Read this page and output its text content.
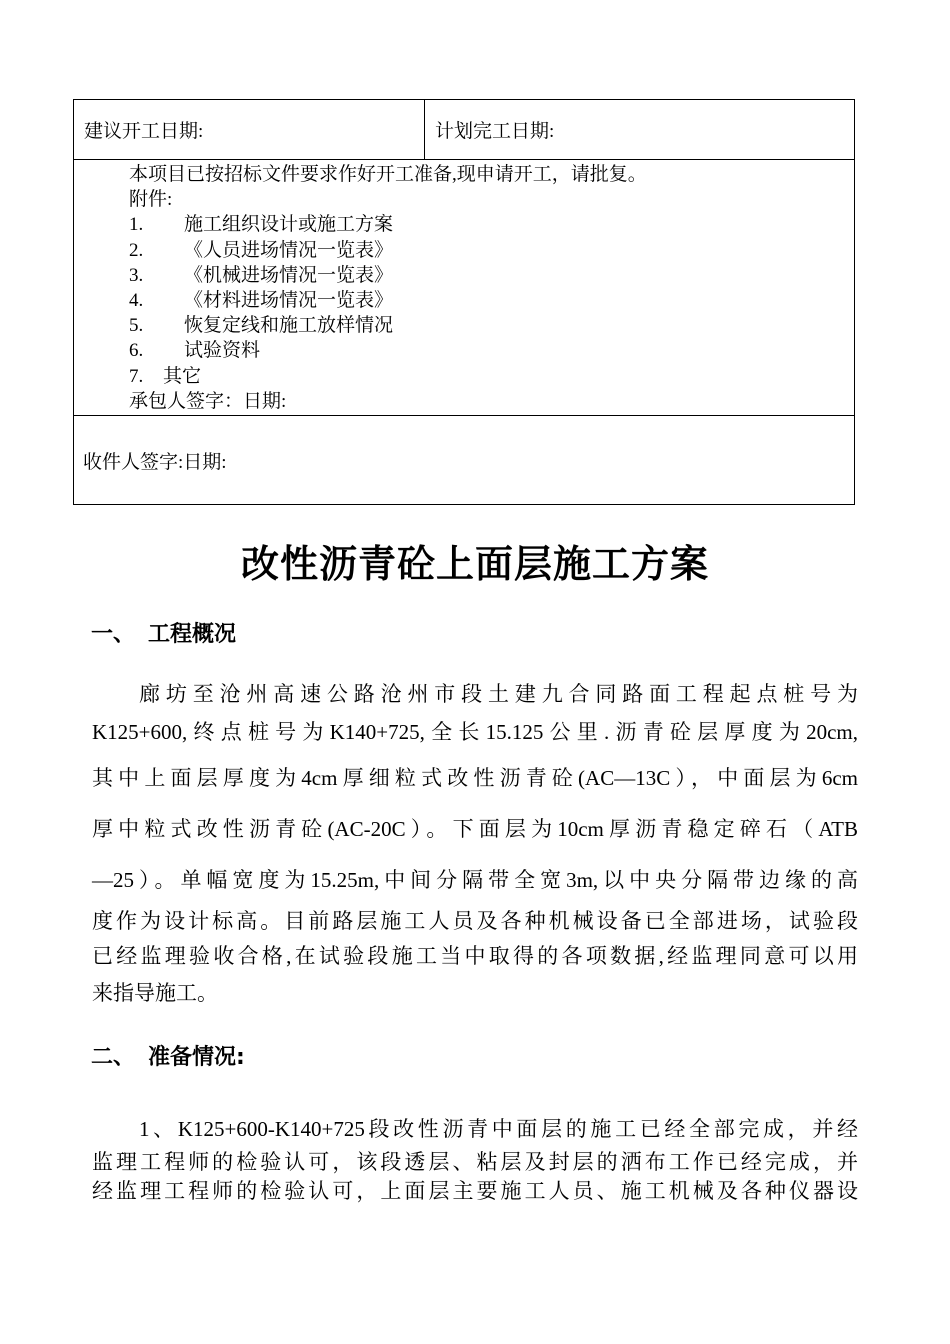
建议开工日期:	计划完工日期:

本项目已按招标文件要求作好开工准备,现申请开工，请批复。
附件:
1. 施工组织设计或施工方案
2. 《人员进场情况一览表》
3. 《机械进场情况一览表》
4. 《材料进场情况一览表》
5. 恢复定线和施工放样情况
6. 试验资料
7. 其它
承包人签字：日期:

收件人签字:日期:
改性沥青砼上面层施工方案
一、 工程概况
廊坊至沧州高速公路沧州市段土建九合同路面工程起点桩号为
K125+600,终点桩号为K140+725,全长15.125公里.沥青砼层厚度为20cm,
其中上面层厚度为4cm厚细粒式改性沥青砼(AC—13C），中面层为6cm
厚中粒式改性沥青砼(AC-20C）。下面层为10cm厚沥青稳定碎石（ATB
—25）。单幅宽度为15.25m,中间分隔带全宽3m,以中央分隔带边缘的高
度作为设计标高。目前路层施工人员及各种机械设备已全部进场，试验段
已经监理验收合格,在试验段施工当中取得的各项数据,经监理同意可以用
来指导施工。
二、 准备情况:
1、K125+600-K140+725段改性沥青中面层的施工已经全部完成，并经
监理工程师的检验认可，该段透层、粘层及封层的洒布工作已经完成，并
经监理工程师的检验认可，上面层主要施工人员、施工机械及各种仪器设
